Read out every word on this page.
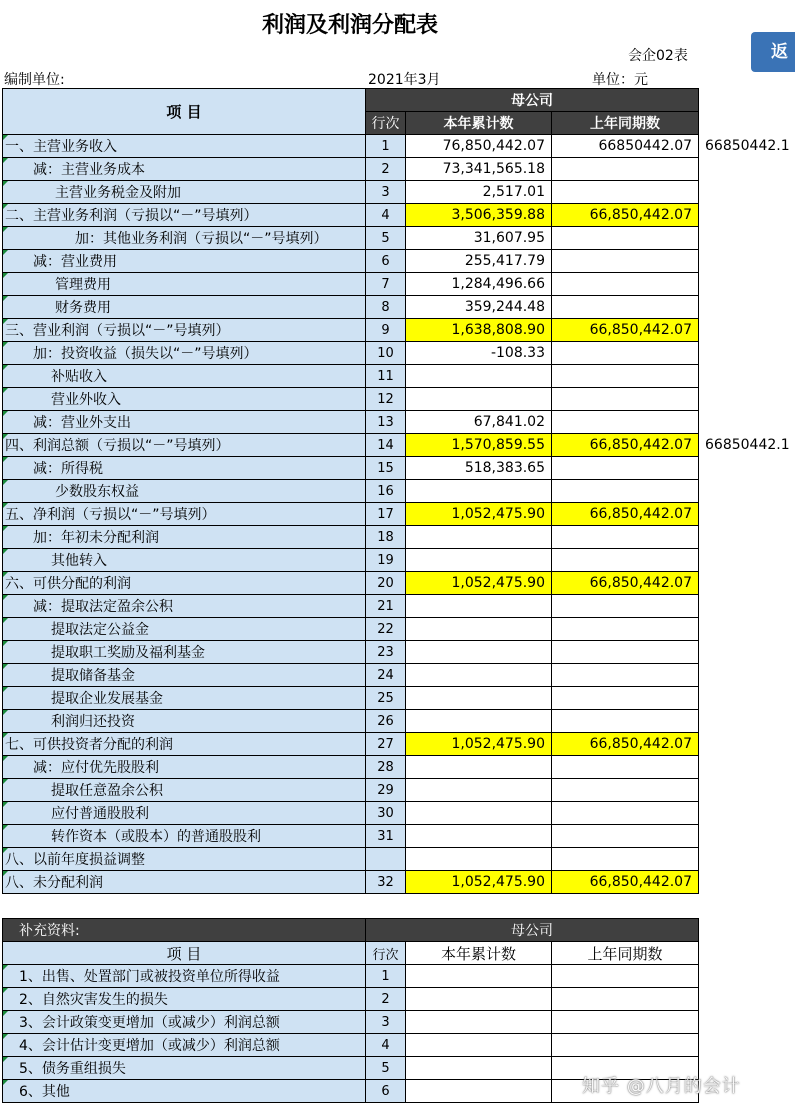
利润及利润分配表
会企02表	返
编制单位:	2021年3月	单位：元
项 目	母公司		
	行次	本年累计数	上年同期数
一、主营业务收入	1	76,850,442.07	66850442.07
减：主营业务成本	2	73,341,565.18	
主营业务税金及附加	3	2,517.01	
二、主营业务利润（亏损以“－”号填列）	4	3,506,359.88	66,850,442.07
加：其他业务利润（亏损以“－”号填列）	5	31,607.95	
减：营业费用	6	255,417.79	
管理费用	7	1,284,496.66	
财务费用	8	359,244.48	
三、营业利润（亏损以“－”号填列）	9	1,638,808.90	66,850,442.07
加：投资收益（损失以“－”号填列）	10	-108.33	
补贴收入	11		
营业外收入	12		
减：营业外支出	13	67,841.02	
四、利润总额（亏损以“－”号填列）	14	1,570,859.55	66,850,442.07
减：所得税	15	518,383.65	
少数股东权益	16		
五、净利润（亏损以“－”号填列）	17	1,052,475.90	66,850,442.07
加：年初未分配利润	18		
其他转入	19		
六、可供分配的利润	20	1,052,475.90	66,850,442.07
减：提取法定盈余公积	21		
提取法定公益金	22		
提取职工奖励及福利基金	23		
提取储备基金	24		
提取企业发展基金	25		
利润归还投资	26		
七、可供投资者分配的利润	27	1,052,475.90	66,850,442.07
减：应付优先股股利	28		
提取任意盈余公积	29		
应付普通股股利	30		
转作资本（或股本）的普通股股利	31		
八、以前年度损益调整			
八、未分配利润	32	1,052,475.90	66,850,442.07
66850442.1
66850442.1
补充资料:	母公司		
项 目	行次	本年累计数	上年同期数
1、出售、处置部门或被投资单位所得收益	1		
2、自然灾害发生的损失	2		
3、会计政策变更增加（或减少）利润总额	3		
4、会计估计变更增加（或减少）利润总额	4		
5、债务重组损失	5		
6、其他	6			知乎 @八月的会计
